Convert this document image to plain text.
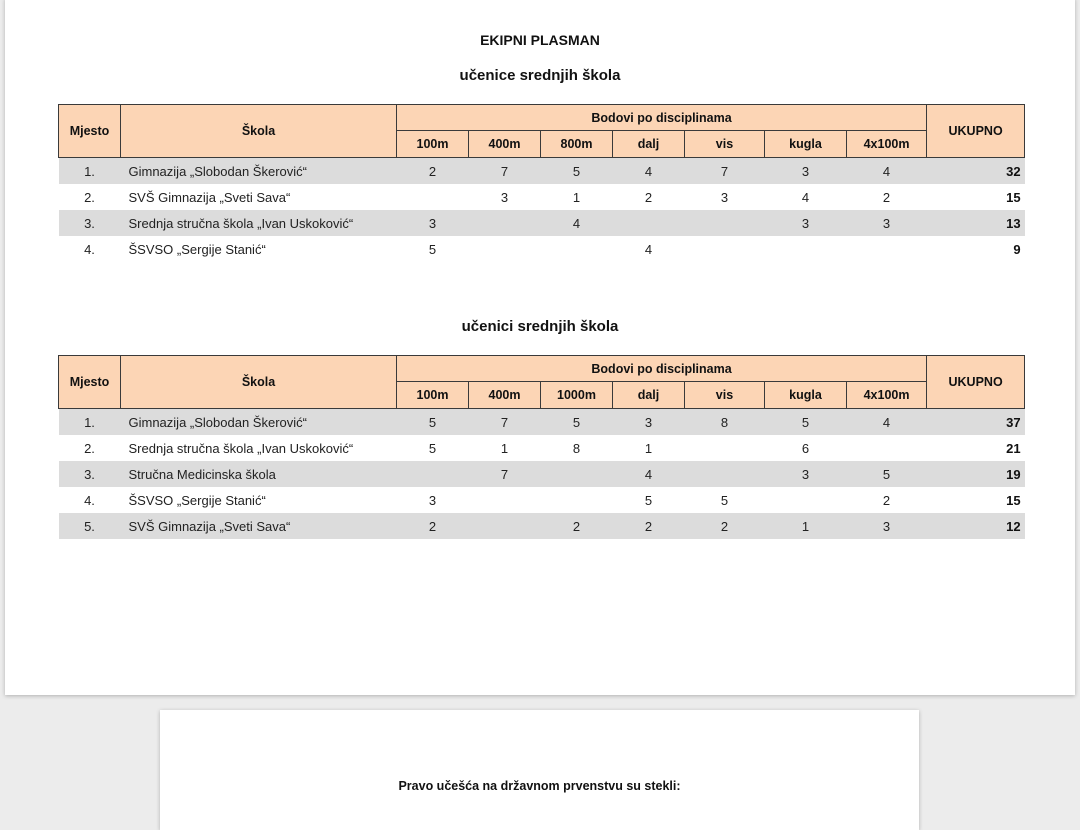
EKIPNI PLASMAN
učenice srednjih škola
Mjesto	Škola	Bodovi po disciplinama							UKUPNO
		100m	400m	800m	dalj	vis	kugla	4x100m	
1.	Gimnazija „Slobodan Škerović“	2	7	5	4	7	3	4	32
2.	SVŠ Gimnazija „Sveti Sava“		3	1	2	3	4	2	15
3.	Srednja stručna škola „Ivan Uskoković“	3		4			3	3	13
4.	ŠSVSO „Sergije Stanić“	5			4				9
učenici srednjih škola
Mjesto	Škola	Bodovi po disciplinama							UKUPNO
		100m	400m	1000m	dalj	vis	kugla	4x100m	
1.	Gimnazija „Slobodan Škerović“	5	7	5	3	8	5	4	37
2.	Srednja stručna škola „Ivan Uskoković“	5	1	8	1		6		21
3.	Stručna Medicinska škola		7		4		3	5	19
4.	ŠSVSO „Sergije Stanić“	3			5	5		2	15
5.	SVŠ Gimnazija „Sveti Sava“	2		2	2	2	1	3	12
Pravo učešća na državnom prvenstvu su stekli:
